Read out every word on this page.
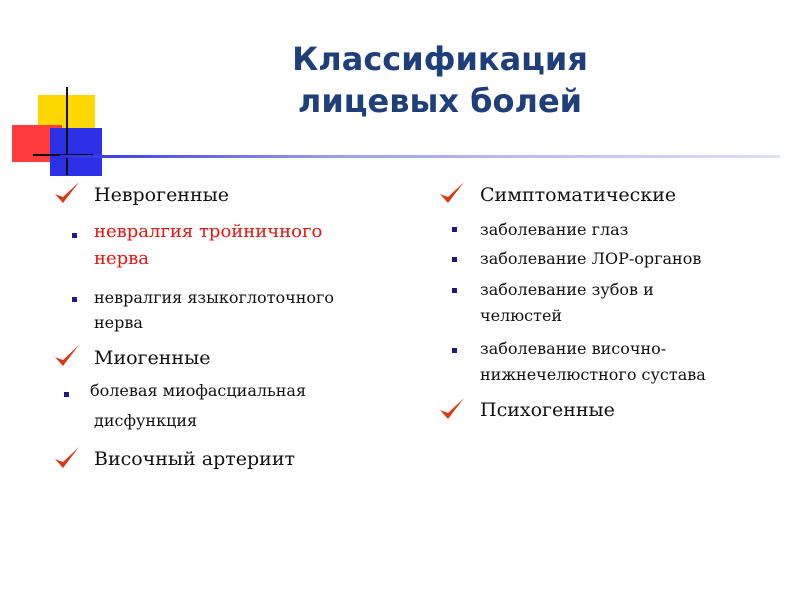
Классификация
лицевых болей
Неврогенные
невралгия тройничного
нерва
невралгия языкоглоточного
нерва
Миогенные
болевая миофасциальная
дисфункция
Височный артериит
Симптоматические
заболевание глаз
заболевание ЛОР-органов
заболевание зубов и
челюстей
заболевание височно-
нижнечелюстного сустава
Психогенные
